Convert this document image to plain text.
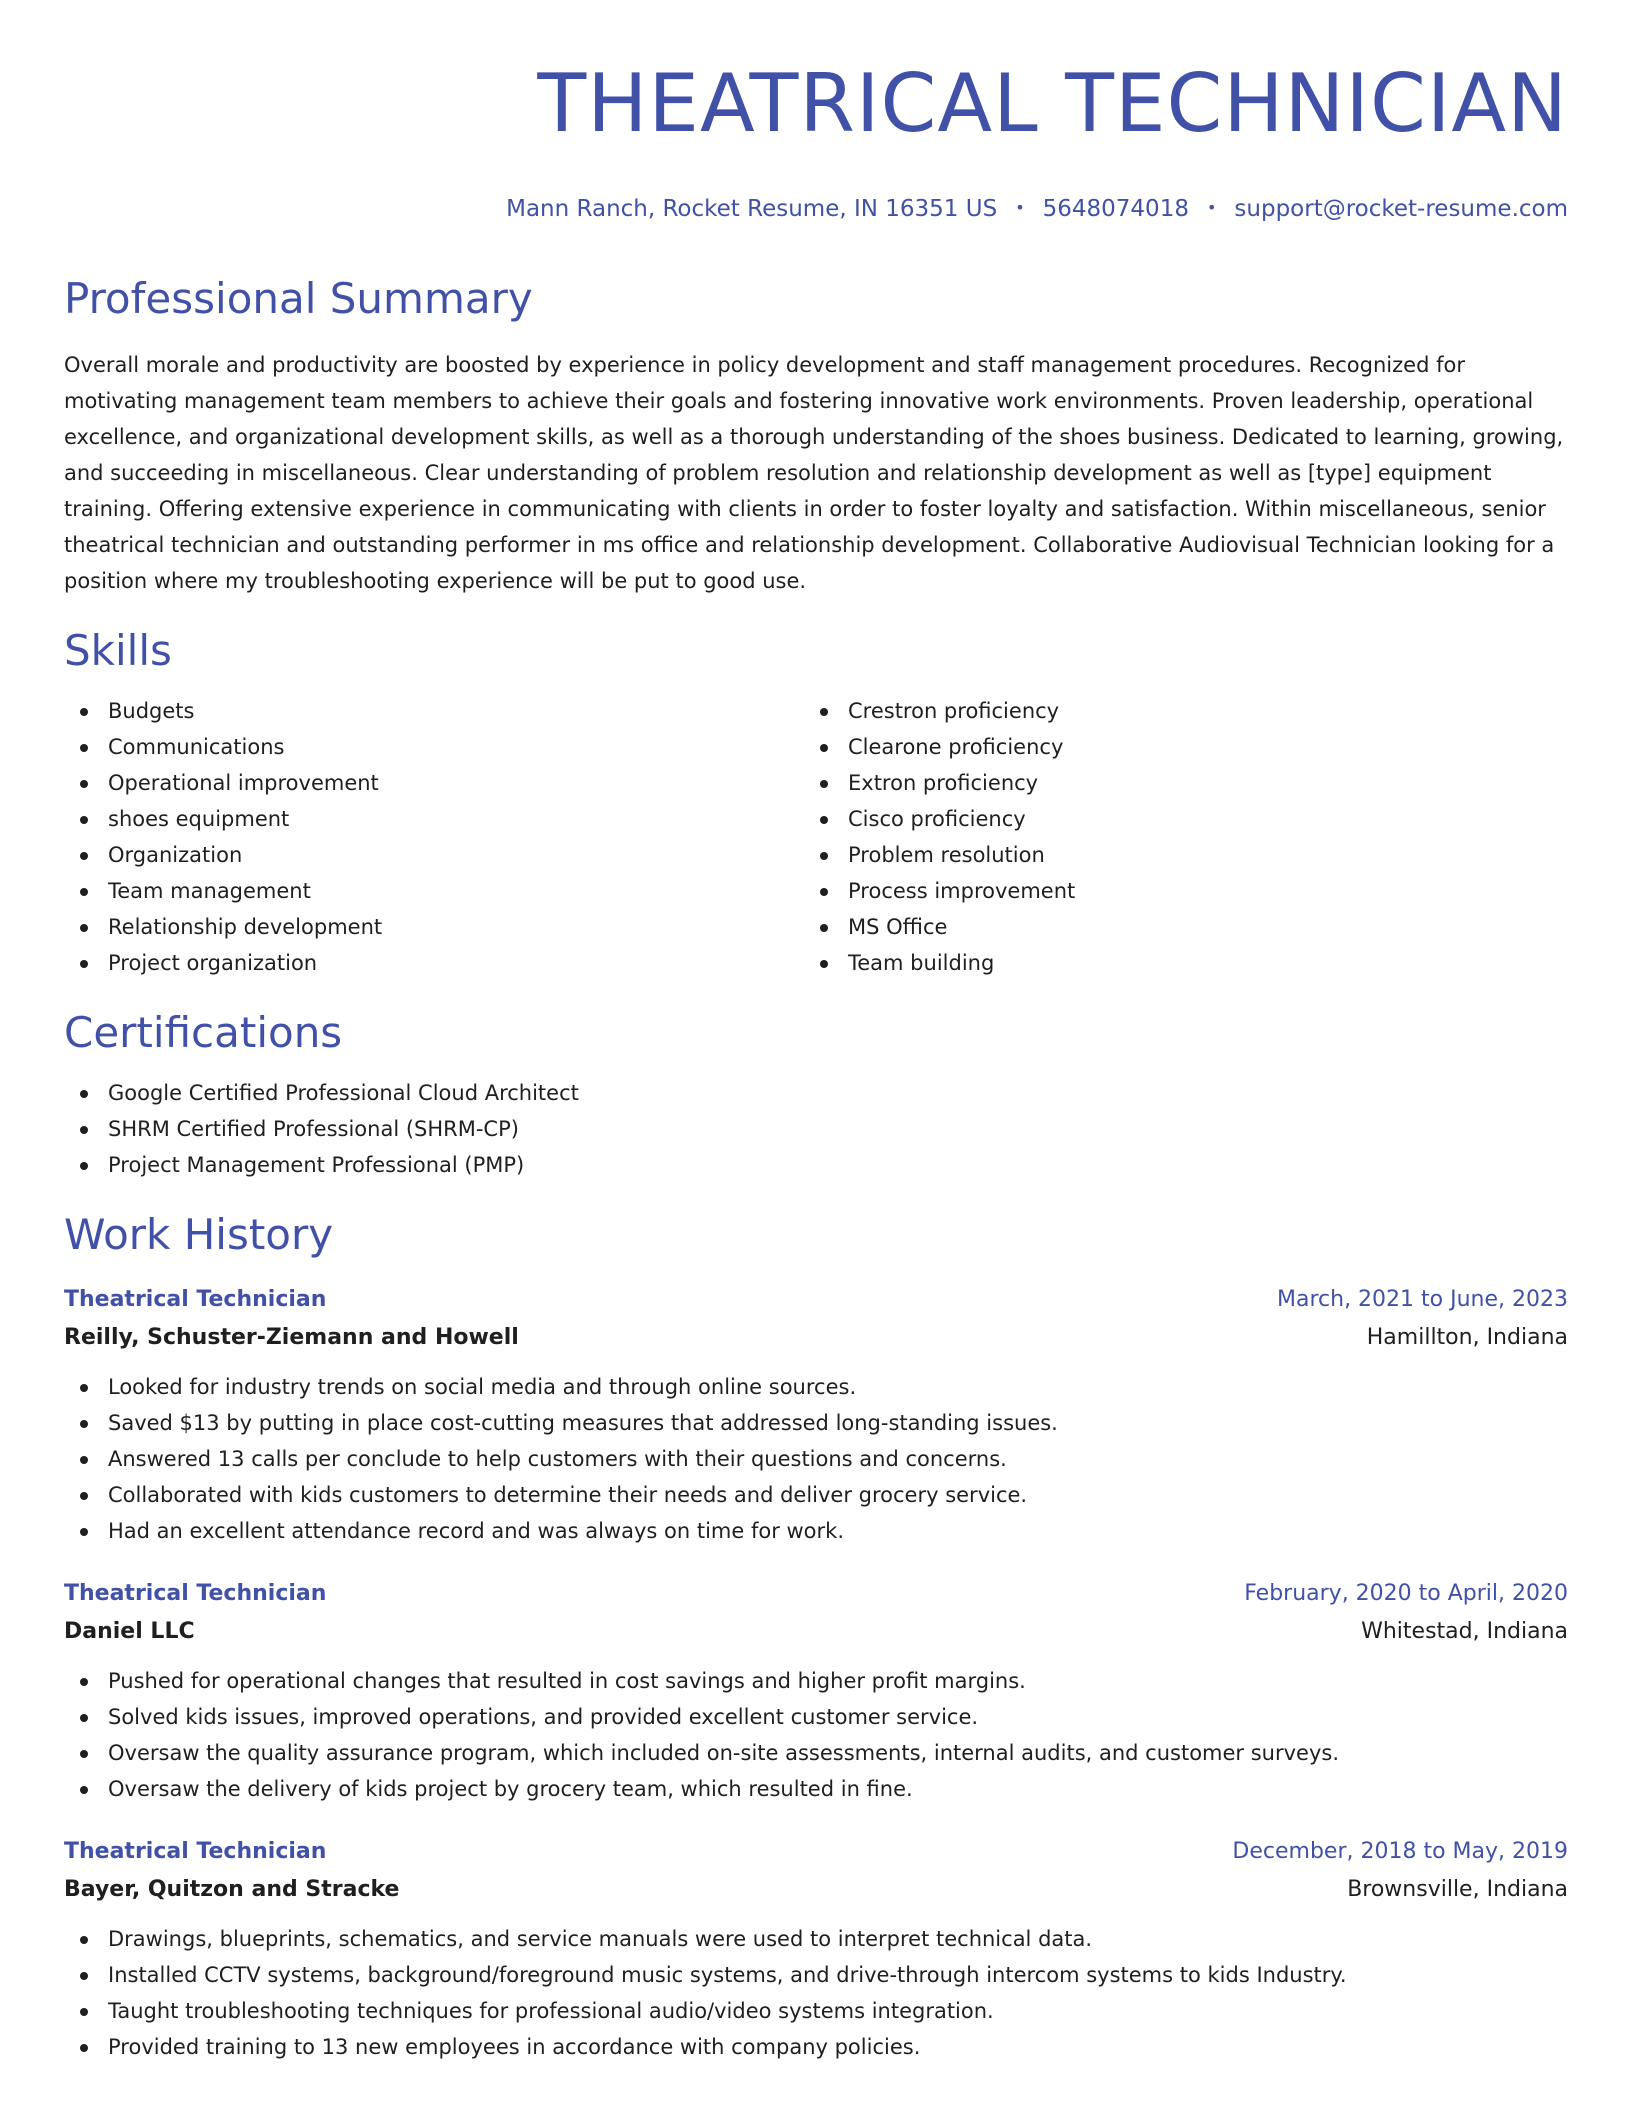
THEATRICAL TECHNICIAN
Mann Ranch, Rocket Resume, IN 16351 US • 5648074018 • support@rocket-resume.com
Professional Summary
Overall morale and productivity are boosted by experience in policy development and staff management procedures. Recognized for motivating management team members to achieve their goals and fostering innovative work environments. Proven leadership, operational excellence, and organizational development skills, as well as a thorough understanding of the shoes business. Dedicated to learning, growing, and succeeding in miscellaneous. Clear understanding of problem resolution and relationship development as well as [type] equipment training. Offering extensive experience in communicating with clients in order to foster loyalty and satisfaction. Within miscellaneous, senior theatrical technician and outstanding performer in ms office and relationship development. Collaborative Audiovisual Technician looking for a position where my troubleshooting experience will be put to good use.
Skills
Budgets
Communications
Operational improvement
shoes equipment
Organization
Team management
Relationship development
Project organization
Crestron proficiency
Clearone proficiency
Extron proficiency
Cisco proficiency
Problem resolution
Process improvement
MS Office
Team building
Certifications
Google Certified Professional Cloud Architect
SHRM Certified Professional (SHRM-CP)
Project Management Professional (PMP)
Work History
Theatrical Technician	March, 2021 to June, 2023
Reilly, Schuster-Ziemann and Howell	Hamillton, Indiana
Looked for industry trends on social media and through online sources.
Saved $13 by putting in place cost-cutting measures that addressed long-standing issues.
Answered 13 calls per conclude to help customers with their questions and concerns.
Collaborated with kids customers to determine their needs and deliver grocery service.
Had an excellent attendance record and was always on time for work.
Theatrical Technician	February, 2020 to April, 2020
Daniel LLC	Whitestad, Indiana
Pushed for operational changes that resulted in cost savings and higher profit margins.
Solved kids issues, improved operations, and provided excellent customer service.
Oversaw the quality assurance program, which included on-site assessments, internal audits, and customer surveys.
Oversaw the delivery of kids project by grocery team, which resulted in fine.
Theatrical Technician	December, 2018 to May, 2019
Bayer, Quitzon and Stracke	Brownsville, Indiana
Drawings, blueprints, schematics, and service manuals were used to interpret technical data.
Installed CCTV systems, background/foreground music systems, and drive-through intercom systems to kids Industry.
Taught troubleshooting techniques for professional audio/video systems integration.
Provided training to 13 new employees in accordance with company policies.
